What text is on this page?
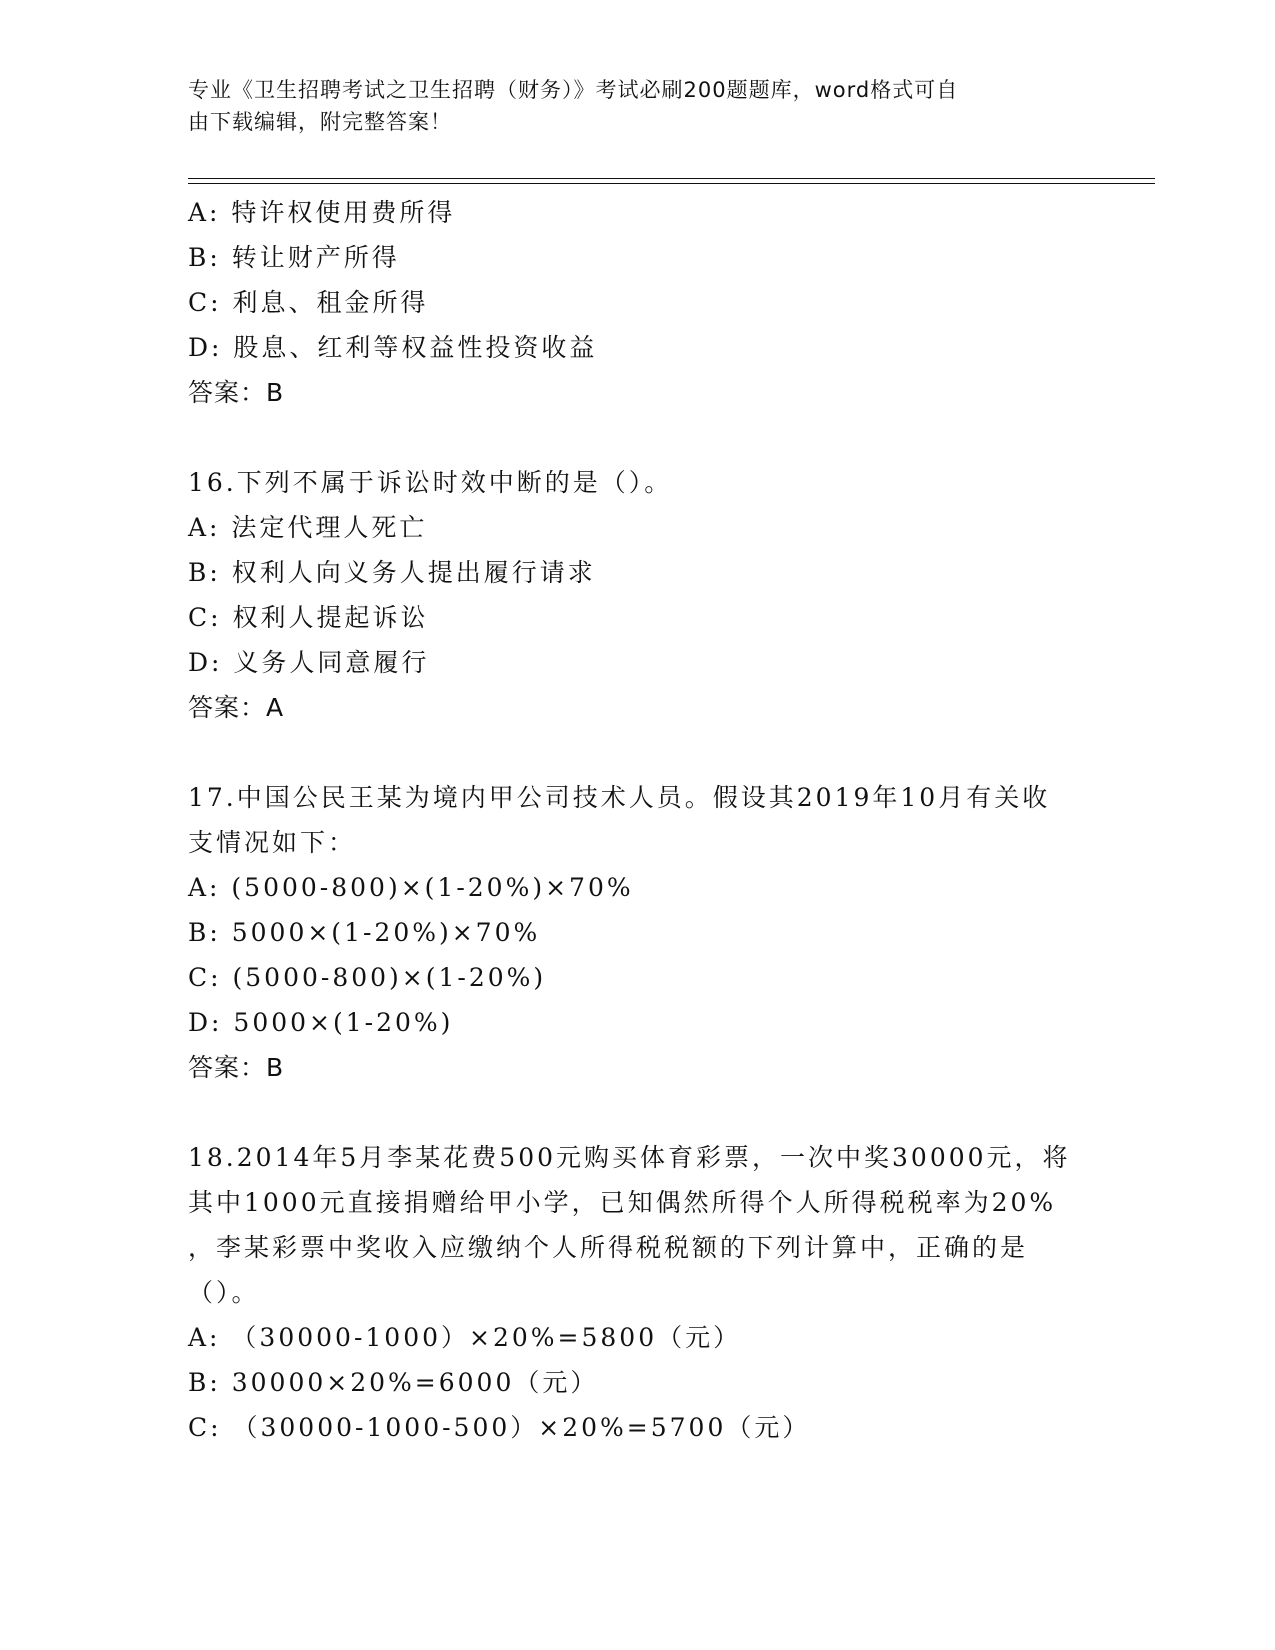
专业《卫生招聘考试之卫生招聘（财务）》考试必刷200题题库，word格式可自
由下载编辑，附完整答案！
A: 特许权使用费所得
B: 转让财产所得
C: 利息、租金所得
D: 股息、红利等权益性投资收益
答案：B
16.下列不属于诉讼时效中断的是（）。
A: 法定代理人死亡
B: 权利人向义务人提出履行请求
C: 权利人提起诉讼
D: 义务人同意履行
答案：A
17.中国公民王某为境内甲公司技术人员。假设其2019年10月有关收
支情况如下：
A: (5000-800)×(1-20%)×70%
B: 5000×(1-20%)×70%
C: (5000-800)×(1-20%)
D: 5000×(1-20%)
答案：B
18.2014年5月李某花费500元购买体育彩票，一次中奖30000元，将
其中1000元直接捐赠给甲小学，已知偶然所得个人所得税税率为20%
，李某彩票中奖收入应缴纳个人所得税税额的下列计算中，正确的是
（）。
A: （30000-1000）×20%=5800（元）
B: 30000×20%=6000（元）
C: （30000-1000-500）×20%=5700（元）
